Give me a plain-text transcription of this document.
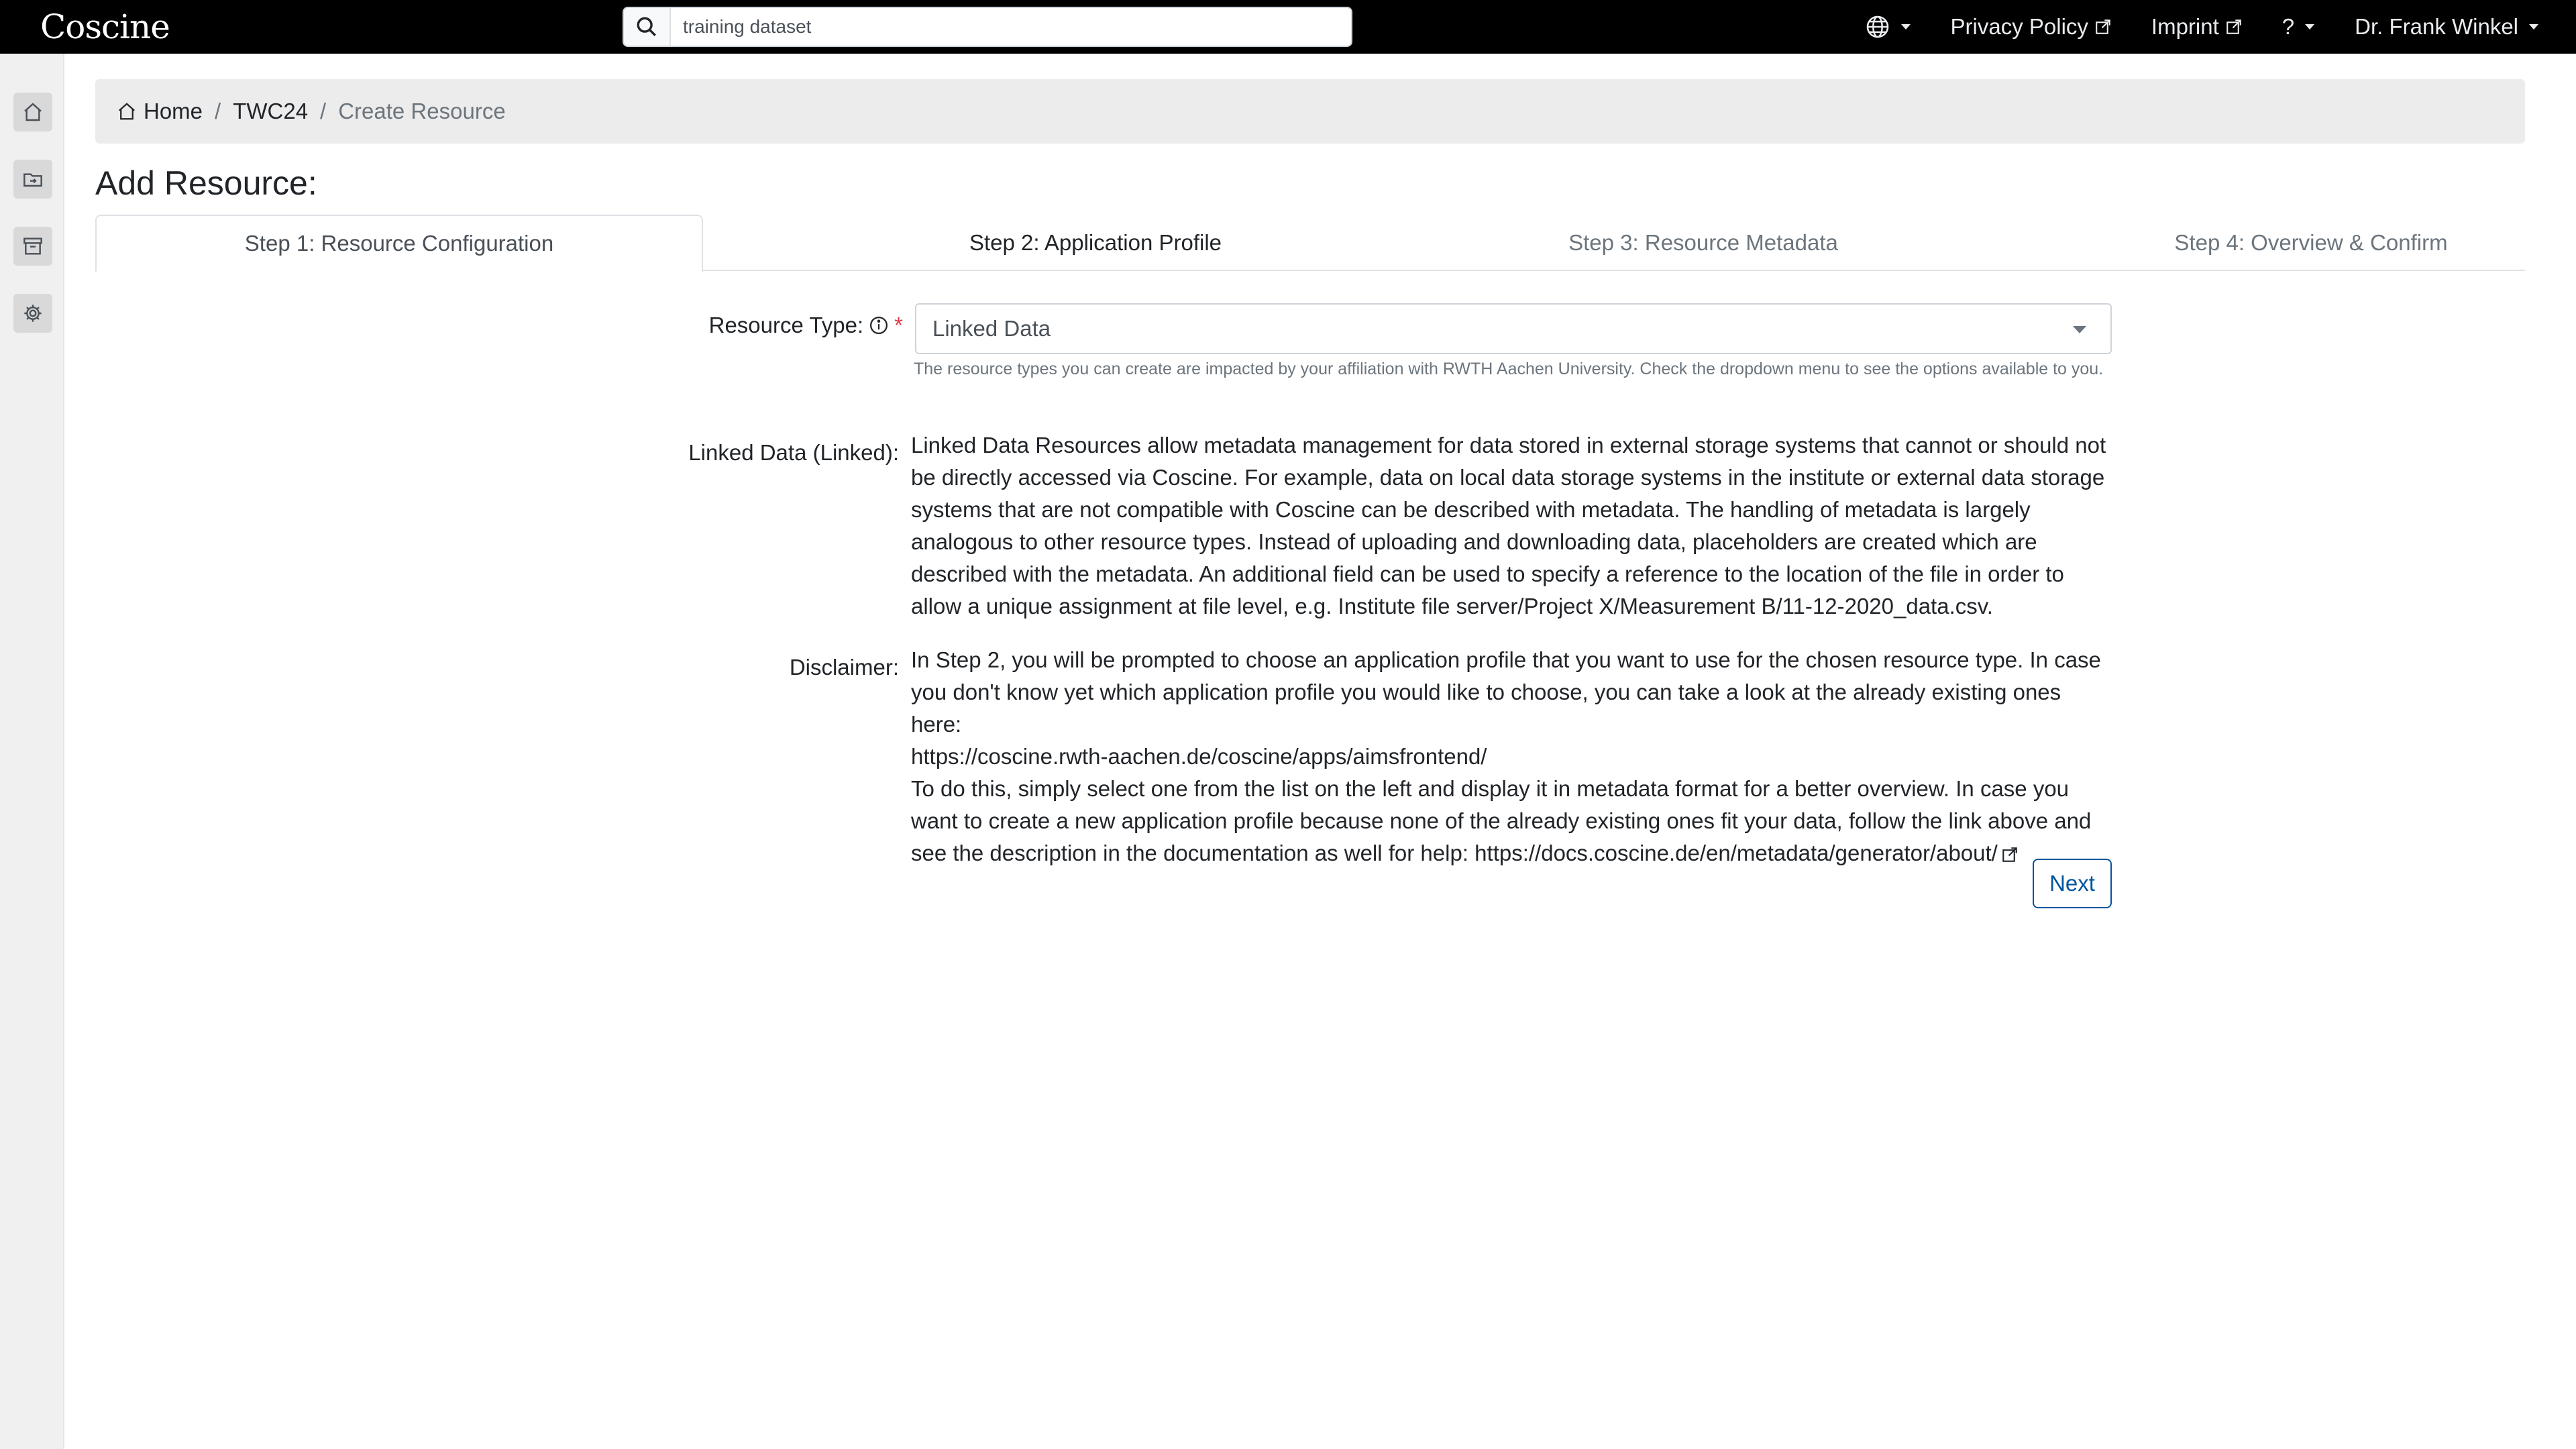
Coscine
training dataset	Privacy Policy	Imprint	?	Dr. Frank Winkel
Home / TWC24 / Create Resource
Add Resource:
Step 1: Resource Configuration	Step 2: Application Profile	Step 3: Resource Metadata	Step 4: Overview & Confirm
Resource Type: * Linked Data
The resource types you can create are impacted by your affiliation with RWTH Aachen University. Check the dropdown menu to see the options available to you.
Linked Data (Linked): Linked Data Resources allow metadata management for data stored in external storage systems that cannot or should not be directly accessed via Coscine. For example, data on local data storage systems in the institute or external data storage systems that are not compatible with Coscine can be described with metadata. The handling of metadata is largely analogous to other resource types. Instead of uploading and downloading data, placeholders are created which are described with the metadata. An additional field can be used to specify a reference to the location of the file in order to allow a unique assignment at file level, e.g. Institute file server/Project X/Measurement B/11-12-2020_data.csv.
Disclaimer: In Step 2, you will be prompted to choose an application profile that you want to use for the chosen resource type. In case you don't know yet which application profile you would like to choose, you can take a look at the already existing ones here:
https://coscine.rwth-aachen.de/coscine/apps/aimsfrontend/
To do this, simply select one from the list on the left and display it in metadata format for a better overview. In case you want to create a new application profile because none of the already existing ones fit your data, follow the link above and see the description in the documentation as well for help: https://docs.coscine.de/en/metadata/generator/about/
Next
